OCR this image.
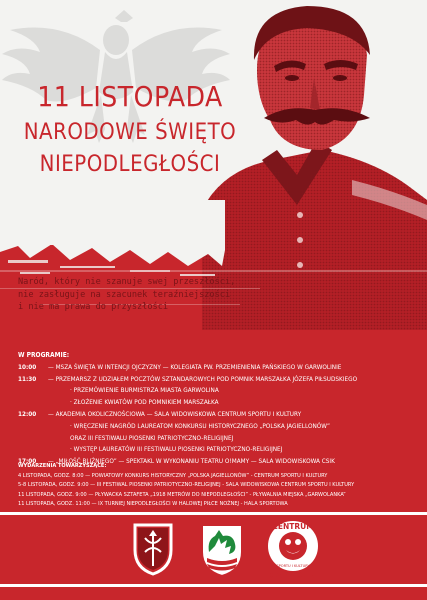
11 LISTOPADA
NARODOWE ŚWIĘTO
NIEPODLEGŁOŚCI
Naród, który nie szanuje swej przeszłości,
nie zasługuje na szacunek teraźniejszości
i nie ma prawa do przyszłości
W PROGRAMIE:
10:00	— MSZA ŚWIĘTA W INTENCJI OJCZYZNY — KOLEGIATA PW. PRZEMIENIENIA PAŃSKIEGO W GARWOLINIE
11:30	— PRZEMARSZ Z UDZIAŁEM POCZTÓW SZTANDAROWYCH POD POMNIK MARSZAŁKA JÓZEFA PIŁSUDSKIEGO
· PRZEMÓWIENIE BURMISTRZA MIASTA GARWOLINA
· ZŁOŻENIE KWIATÓW POD POMNIKIEM MARSZAŁKA
12:00	— AKADEMIA OKOLICZNOŚCIOWA — SALA WIDOWISKOWA CENTRUM SPORTU I KULTURY
· WRĘCZENIE NAGRÓD LAUREATOM KONKURSU HISTORYCZNEGO „POLSKA JAGIELLONÓW”
ORAZ III FESTIWALU PIOSENKI PATRIOTYCZNO-RELIGIJNEJ
· WYSTĘP LAUREATÓW III FESTIWALU PIOSENKI PATRIOTYCZNO-RELIGIJNEJ
17:00	— „MIŁOŚĆ BLIŹNIEGO” — SPEKTAKL W WYKONANIU TEATRU O!MAMY — SALA WIDOWISKOWA CSIK
WYDARZENIA TOWARZYSZĄCE:
4 LISTOPADA, GODZ. 8:00 — POWIATOWY KONKURS HISTORYCZNY „POLSKA JAGIELLONÓW” - CENTRUM SPORTU I KULTURY
5-8 LISTOPADA, GODZ. 9:00 — III FESTIWAL PIOSENKI PATRIOTYCZNO-RELIGIJNEJ - SALA WIDOWISKOWA CENTRUM SPORTU I KULTURY
11 LISTOPADA, GODZ. 9:00 — PŁYWACKA SZTAFETA „1918 METRÓW DO NIEPODLEGŁOŚCI” - PŁYWALNIA MIEJSKA „GARWOLANKA”
11 LISTOPADA, GODZ. 11:00 — IX TURNIEJ NIEPODLEGŁOŚCI W HALOWEJ PIŁCE NOŻNEJ - HALA SPORTOWA
CENTRUM
SPORTU I KULTURY
GARWOLIN
